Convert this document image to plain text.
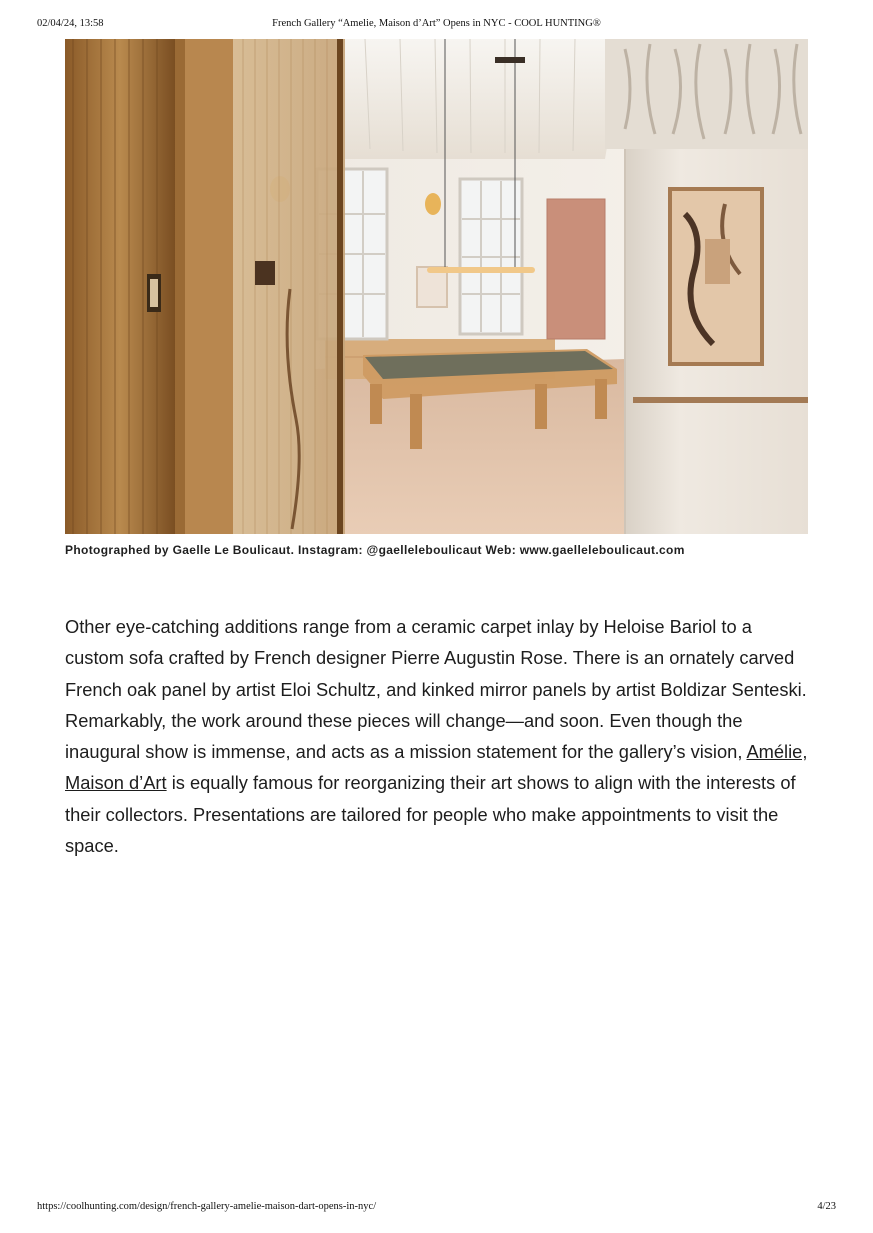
02/04/24, 13:58	French Gallery “Amelie, Maison d’Art” Opens in NYC - COOL HUNTING®
Photographed by Gaelle Le Boulicaut. Instagram: @gaelleleboulicaut Web: www.gaelleleboulicaut.com

Other eye-catching additions range from a ceramic carpet inlay by Heloise Bariol to a custom sofa crafted by French designer Pierre Augustin Rose. There is an ornately carved French oak panel by artist Eloi Schultz, and kinked mirror panels by artist Boldizar Senteski. Remarkably, the work around these pieces will change—and soon. Even though the inaugural show is immense, and acts as a mission statement for the gallery’s vision, Amélie, Maison d’Art is equally famous for reorganizing their art shows to align with the interests of their collectors. Presentations are tailored for people who make appointments to visit the space.

https://coolhunting.com/design/french-gallery-amelie-maison-dart-opens-in-nyc/	4/23
